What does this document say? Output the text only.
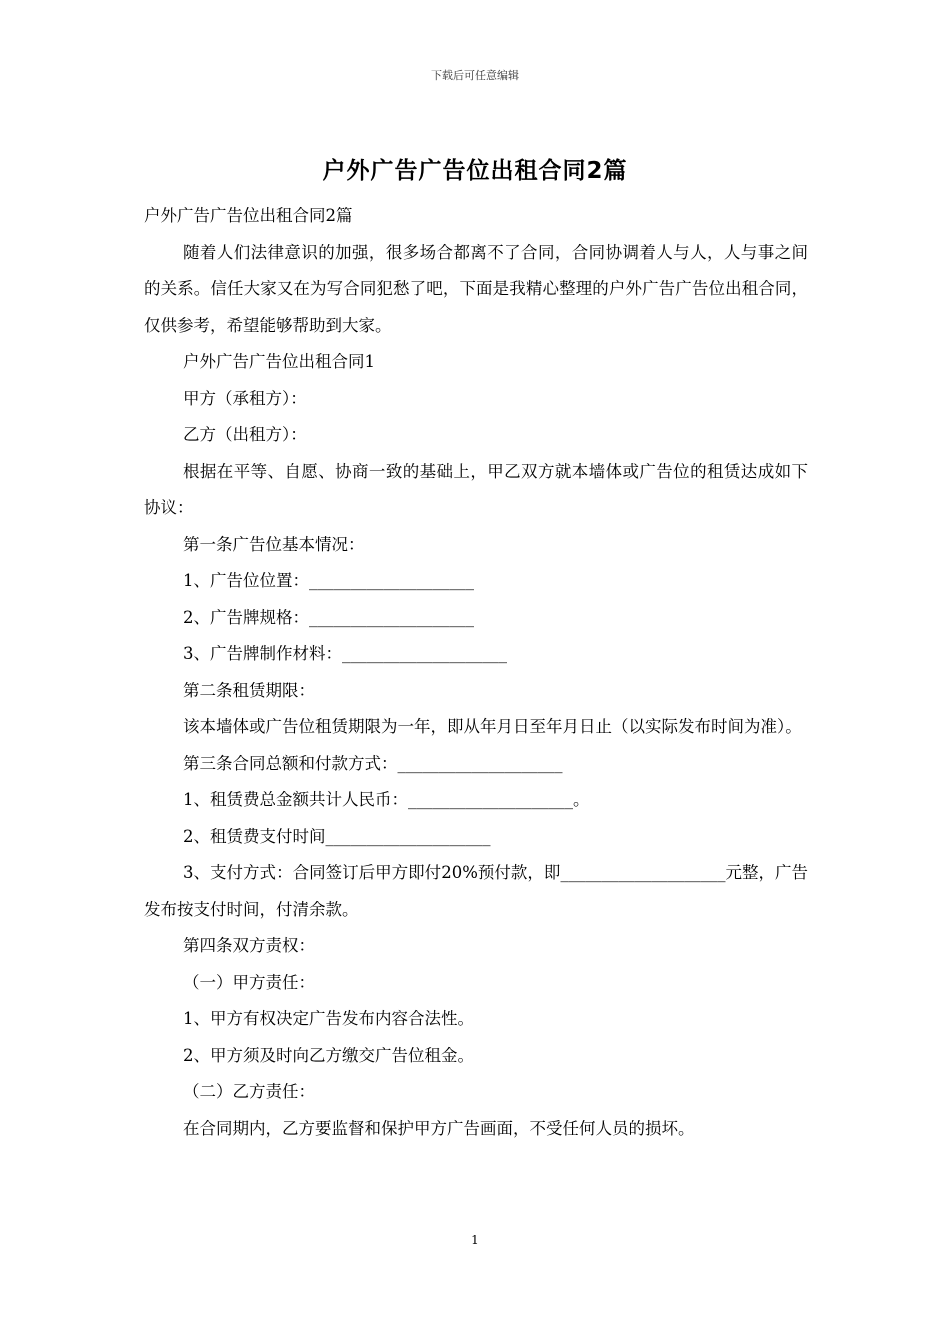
下载后可任意编辑
户外广告广告位出租合同2篇

户外广告广告位出租合同2篇

随着人们法律意识的加强，很多场合都离不了合同，合同协调着人与人，人与事之间的关系。信任大家又在为写合同犯愁了吧，下面是我精心整理的户外广告广告位出租合同，仅供参考，希望能够帮助到大家。

户外广告广告位出租合同1

甲方（承租方）：

乙方（出租方）：

根据在平等、自愿、协商一致的基础上，甲乙双方就本墙体或广告位的租赁达成如下协议：

第一条广告位基本情况：

1、广告位位置：____________________

2、广告牌规格：____________________

3、广告牌制作材料：____________________

第二条租赁期限：

该本墙体或广告位租赁期限为一年，即从年月日至年月日止（以实际发布时间为准）。

第三条合同总额和付款方式：____________________

1、租赁费总金额共计人民币：____________________。

2、租赁费支付时间____________________

3、支付方式：合同签订后甲方即付20%预付款，即____________________元整，广告发布按支付时间，付清余款。

第四条双方责权：

（一）甲方责任：

1、甲方有权决定广告发布内容合法性。

2、甲方须及时向乙方缴交广告位租金。

（二）乙方责任：

在合同期内，乙方要监督和保护甲方广告画面，不受任何人员的损坏。

1
